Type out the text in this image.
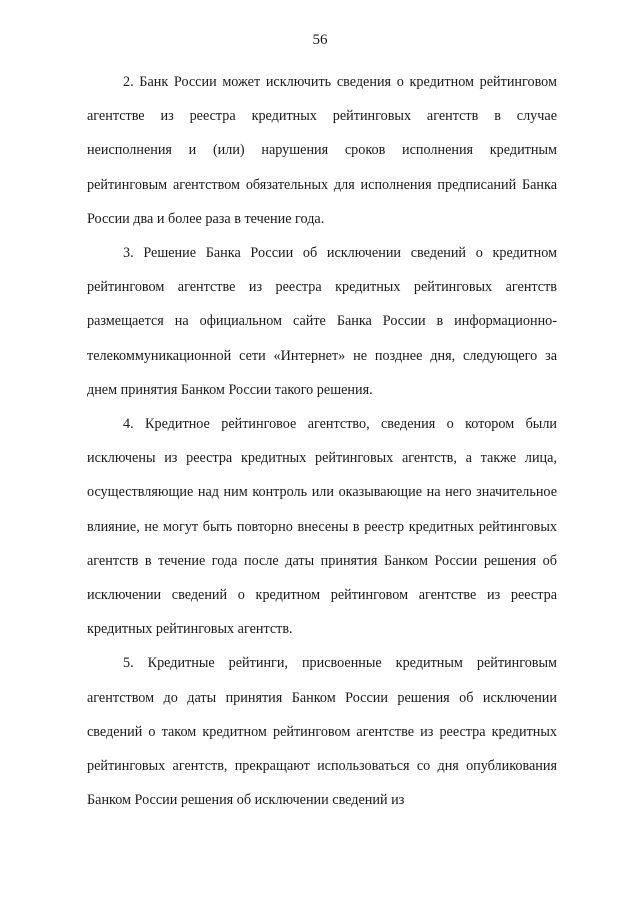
56

2. Банк России может исключить сведения о кредитном рейтинговом агентстве из реестра кредитных рейтинговых агентств в случае неисполнения и (или) нарушения сроков исполнения кредитным рейтинговым агентством обязательных для исполнения предписаний Банка России два и более раза в течение года.

3. Решение Банка России об исключении сведений о кредитном рейтинговом агентстве из реестра кредитных рейтинговых агентств размещается на официальном сайте Банка России в информационно-телекоммуникационной сети «Интернет» не позднее дня, следующего за днем принятия Банком России такого решения.

4. Кредитное рейтинговое агентство, сведения о котором были исключены из реестра кредитных рейтинговых агентств, а также лица, осуществляющие над ним контроль или оказывающие на него значительное влияние, не могут быть повторно внесены в реестр кредитных рейтинговых агентств в течение года после даты принятия Банком России решения об исключении сведений о кредитном рейтинговом агентстве из реестра кредитных рейтинговых агентств.

5. Кредитные рейтинги, присвоенные кредитным рейтинговым агентством до даты принятия Банком России решения об исключении сведений о таком кредитном рейтинговом агентстве из реестра кредитных рейтинговых агентств, прекращают использоваться со дня опубликования Банком России решения об исключении сведений из
